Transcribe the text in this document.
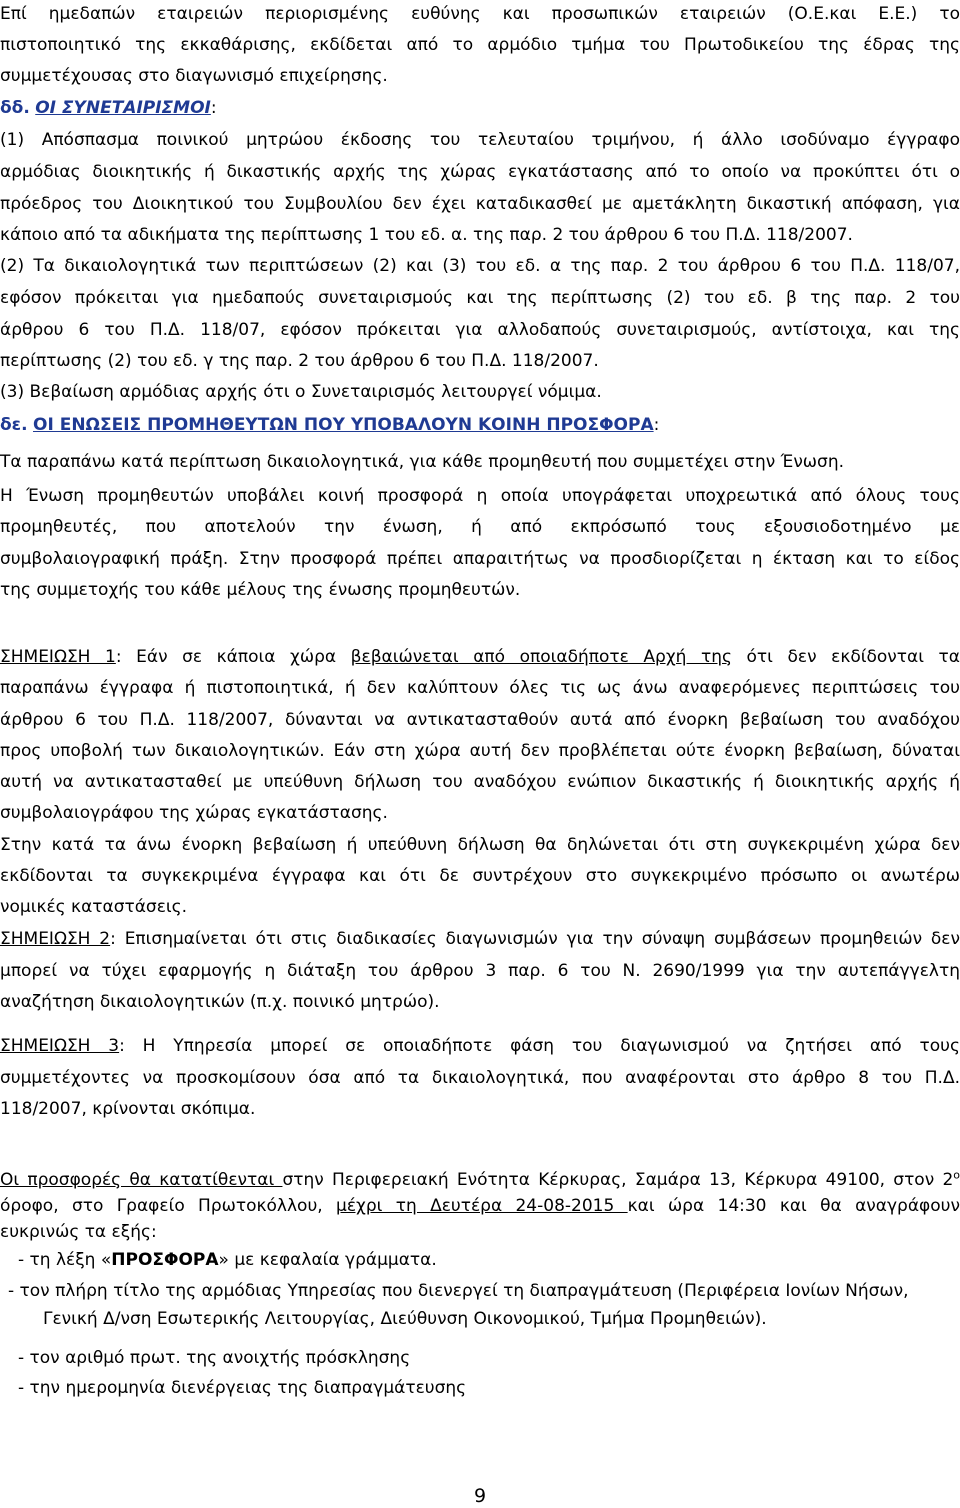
Επί ημεδαπών εταιρειών περιορισμένης ευθύνης και προσωπικών εταιρειών (Ο.Ε.και Ε.Ε.) το
πιστοποιητικό της εκκαθάρισης, εκδίδεται από το αρμόδιο τμήμα του Πρωτοδικείου της έδρας της
συμμετέχουσας στο διαγωνισμό επιχείρησης.
δδ. ΟΙ ΣΥΝΕΤΑΙΡΙΣΜΟΙ:
(1) Απόσπασμα ποινικού μητρώου έκδοσης του τελευταίου τριμήνου, ή άλλο ισοδύναμο έγγραφο
αρμόδιας διοικητικής ή δικαστικής αρχής της χώρας εγκατάστασης από το οποίο να προκύπτει ότι ο
πρόεδρος του Διοικητικού του Συμβουλίου δεν έχει καταδικασθεί με αμετάκλητη δικαστική απόφαση, για
κάποιο από τα αδικήματα της περίπτωσης 1 του εδ. α. της παρ. 2 του άρθρου 6 του Π.Δ. 118/2007.
(2) Τα δικαιολογητικά των περιπτώσεων (2) και (3) του εδ. α της παρ. 2 του άρθρου 6 του Π.Δ. 118/07,
εφόσον πρόκειται για ημεδαπούς συνεταιρισμούς και της περίπτωσης (2) του εδ. β της παρ. 2 του
άρθρου 6 του Π.Δ. 118/07, εφόσον πρόκειται για αλλοδαπούς συνεταιρισμούς, αντίστοιχα, και της
περίπτωσης (2) του εδ. γ της παρ. 2 του άρθρου 6 του Π.Δ. 118/2007.
(3) Βεβαίωση αρμόδιας αρχής ότι ο Συνεταιρισμός λειτουργεί νόμιμα.
δε. ΟΙ ΕΝΩΣΕΙΣ ΠΡΟΜΗΘΕΥΤΩΝ ΠΟΥ ΥΠΟΒΑΛΟΥΝ ΚΟΙΝΗ ΠΡΟΣΦΟΡΑ:
Τα παραπάνω κατά περίπτωση δικαιολογητικά, για κάθε προμηθευτή που συμμετέχει στην Ένωση.
Η Ένωση προμηθευτών υποβάλει κοινή προσφορά η οποία υπογράφεται υποχρεωτικά από όλους τους
προμηθευτές, που αποτελούν την ένωση, ή από εκπρόσωπό τους εξουσιοδοτημένο με
συμβολαιογραφική πράξη. Στην προσφορά πρέπει απαραιτήτως να προσδιορίζεται η έκταση και το είδος
της συμμετοχής του κάθε μέλους της ένωσης προμηθευτών.
ΣΗΜΕΙΩΣΗ 1: Εάν σε κάποια χώρα βεβαιώνεται από οποιαδήποτε Αρχή της ότι δεν εκδίδονται τα
παραπάνω έγγραφα ή πιστοποιητικά, ή δεν καλύπτουν όλες τις ως άνω αναφερόμενες περιπτώσεις του
άρθρου 6 του Π.Δ. 118/2007, δύνανται να αντικατασταθούν αυτά από ένορκη βεβαίωση του αναδόχου
προς υποβολή των δικαιολογητικών. Εάν στη χώρα αυτή δεν προβλέπεται ούτε ένορκη βεβαίωση, δύναται
αυτή να αντικατασταθεί με υπεύθυνη δήλωση του αναδόχου ενώπιον δικαστικής ή διοικητικής αρχής ή
συμβολαιογράφου της χώρας εγκατάστασης.
Στην κατά τα άνω ένορκη βεβαίωση ή υπεύθυνη δήλωση θα δηλώνεται ότι στη συγκεκριμένη χώρα δεν
εκδίδονται τα συγκεκριμένα έγγραφα και ότι δε συντρέχουν στο συγκεκριμένο πρόσωπο οι ανωτέρω
νομικές καταστάσεις.
ΣΗΜΕΙΩΣΗ 2: Επισημαίνεται ότι στις διαδικασίες διαγωνισμών για την σύναψη συμβάσεων προμηθειών δεν
μπορεί να τύχει εφαρμογής η διάταξη του άρθρου 3 παρ. 6 του Ν. 2690/1999 για την αυτεπάγγελτη
αναζήτηση δικαιολογητικών (π.χ. ποινικό μητρώο).
ΣΗΜΕΙΩΣΗ 3: Η Υπηρεσία μπορεί σε οποιαδήποτε φάση του διαγωνισμού να ζητήσει από τους
συμμετέχοντες να προσκομίσουν όσα από τα δικαιολογητικά, που αναφέρονται στο άρθρο 8 του Π.Δ.
118/2007, κρίνονται σκόπιμα.
Οι προσφορές θα κατατίθενται στην Περιφερειακή Ενότητα Κέρκυρας, Σαμάρα 13, Κέρκυρα 49100, στον $2^o$
όροφο, στο Γραφείο Πρωτοκόλλου, μέχρι τη Δευτέρα 24-08-2015 και ώρα 14:30 και θα αναγράφουν
ευκρινώς τα εξής:
- τη λέξη «ΠΡΟΣΦΟΡΑ» με κεφαλαία γράμματα.
- τον πλήρη τίτλο της αρμόδιας Υπηρεσίας που διενεργεί τη διαπραγμάτευση (Περιφέρεια Ιονίων Νήσων,
Γενική Δ/νση Εσωτερικής Λειτουργίας, Διεύθυνση Οικονομικού, Τμήμα Προμηθειών).
- τον αριθμό πρωτ. της ανοιχτής πρόσκλησης
- την ημερομηνία διενέργειας της διαπραγμάτευσης
9
